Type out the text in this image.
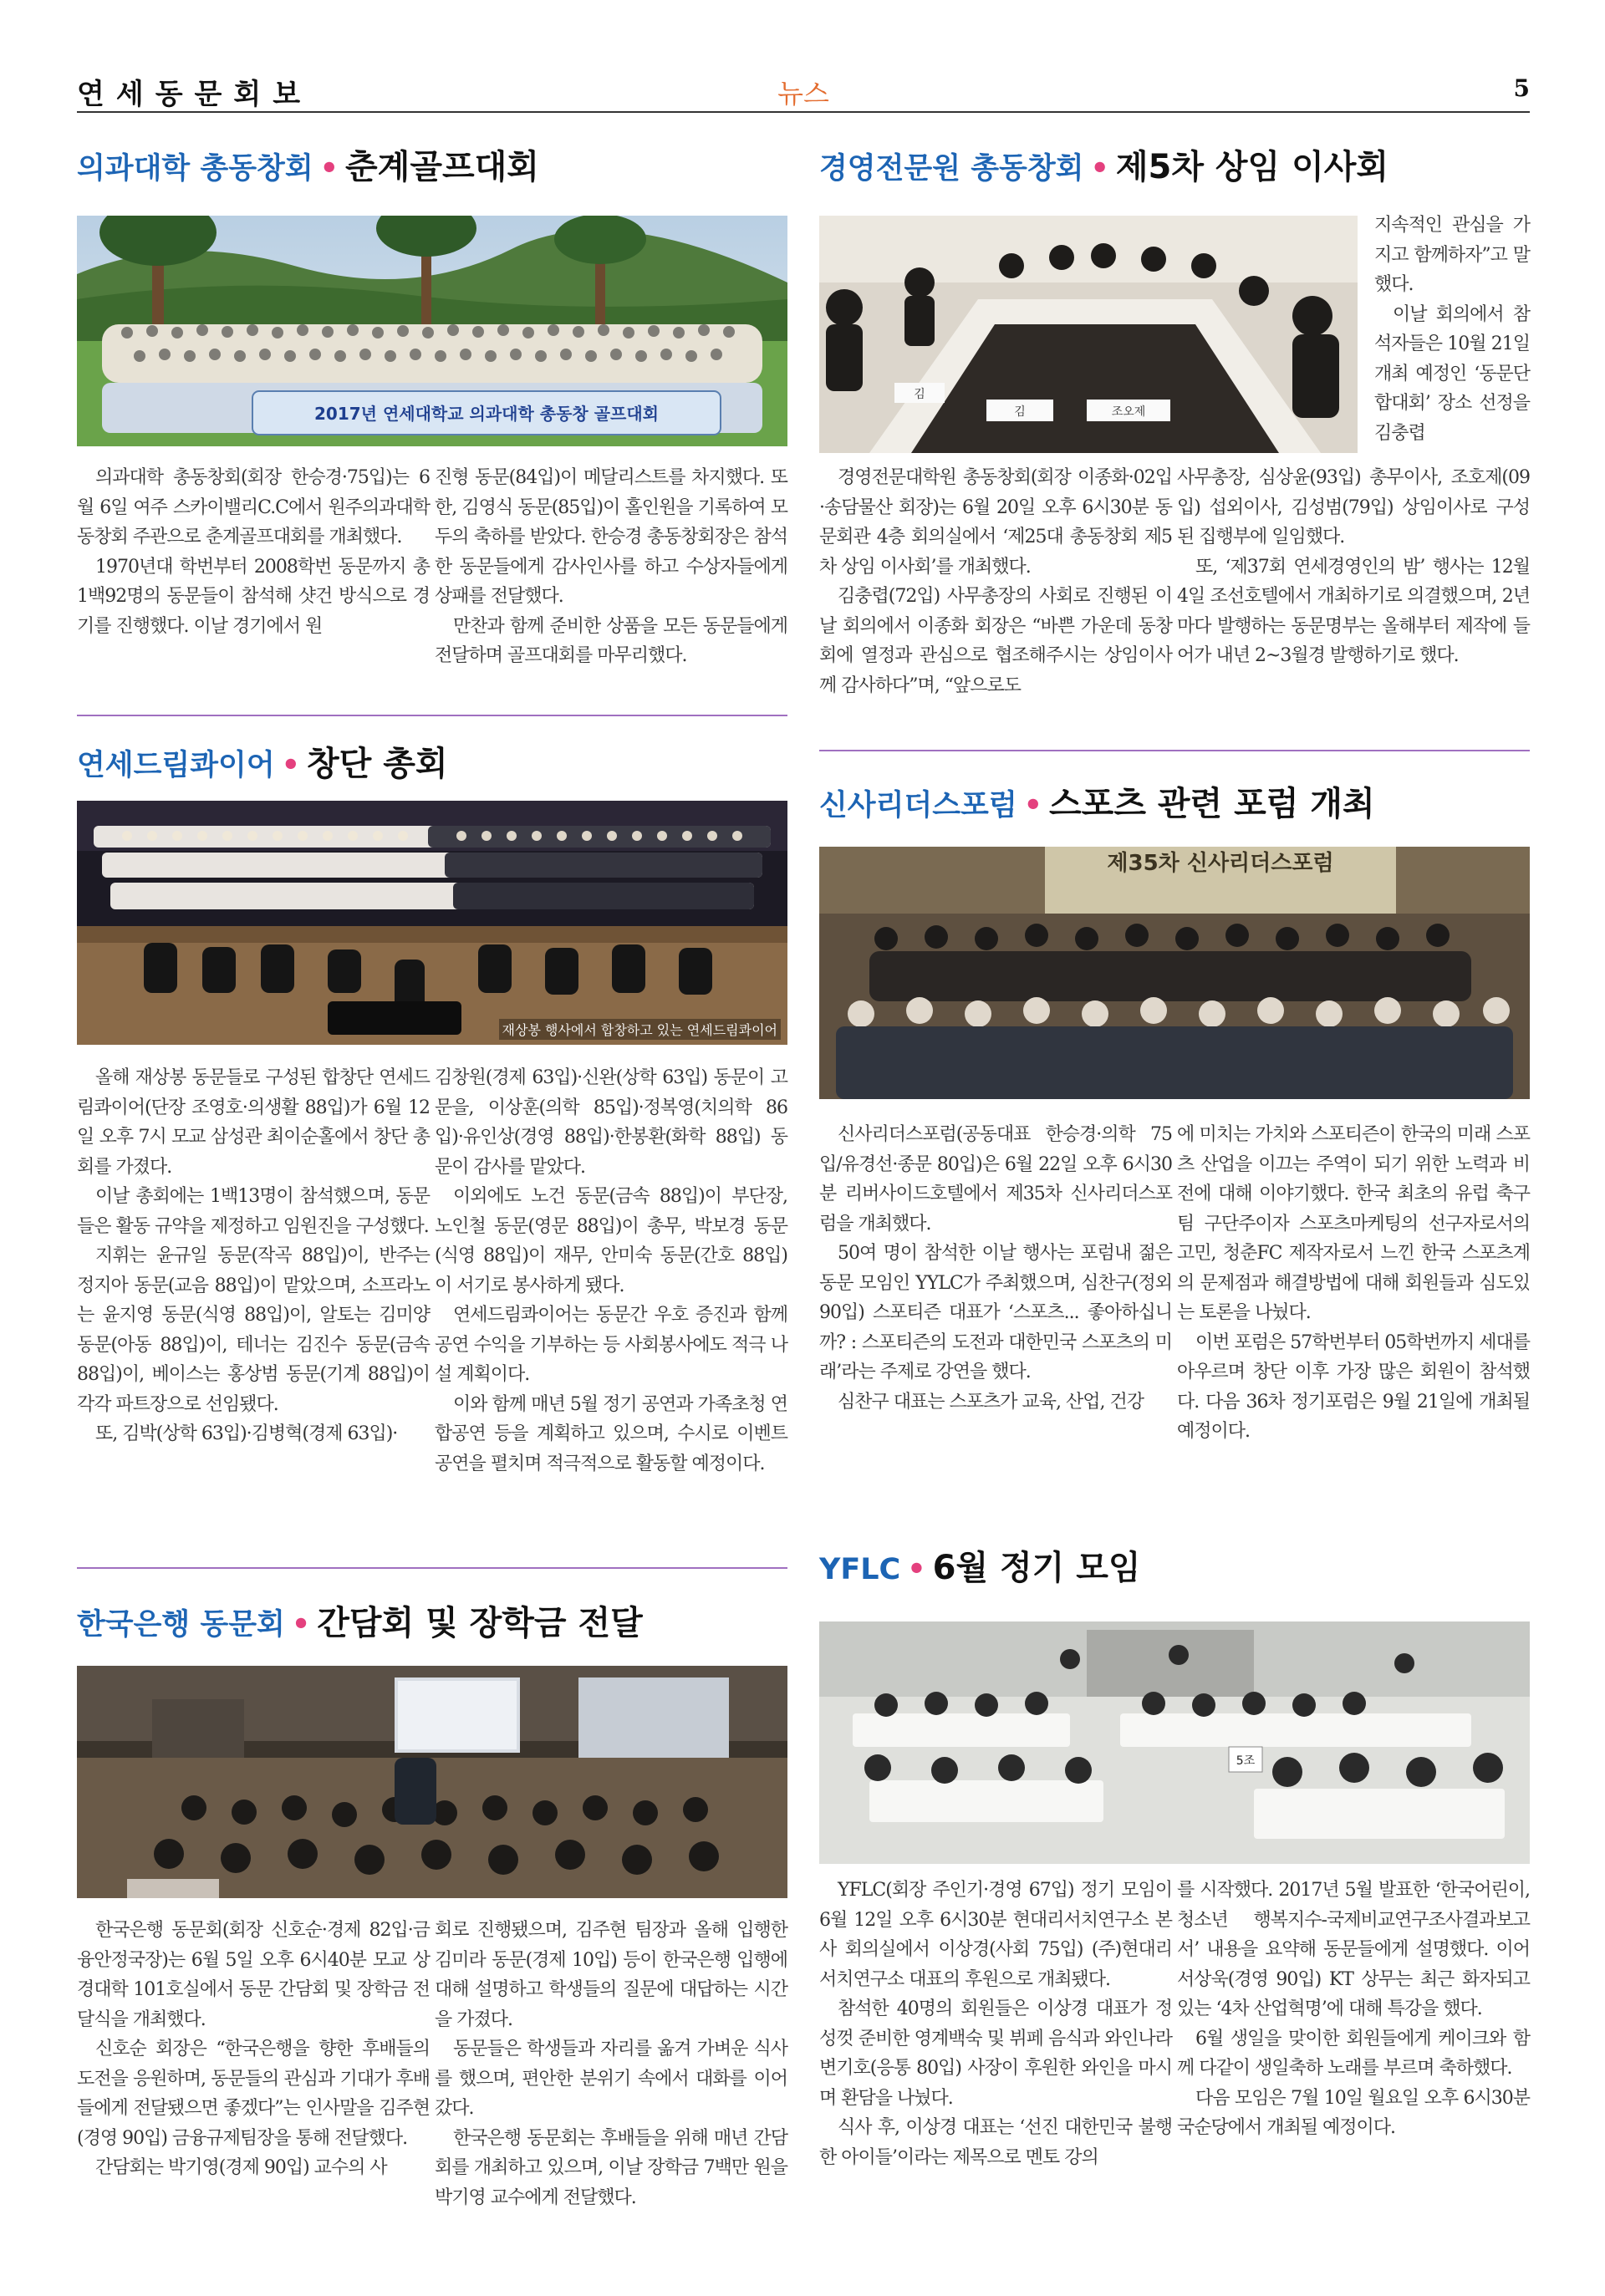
연세동문회보	뉴스	5
의과대학 총동창회 • 춘계골프대회
2017년 연세대학교 의과대학 총동창 골프대회

의과대학 총동창회(회장 한승경·75입)는 6월 6일 여주 스카이밸리C.C에서 원주의과대학 동창회 주관으로 춘계골프대회를 개최했다.

1970년대 학번부터 2008학번 동문까지 총 1백92명의 동문들이 참석해 샷건 방식으로 경기를 진행했다. 이날 경기에서 원

진형 동문(84입)이 메달리스트를 차지했다. 또한, 김영식 동문(85입)이 홀인원을 기록하여 모두의 축하를 받았다. 한승경 총동창회장은 참석한 동문들에게 감사인사를 하고 수상자들에게 상패를 전달했다.

만찬과 함께 준비한 상품을 모든 동문들에게 전달하며 골프대회를 마무리했다.

연세드림콰이어 • 창단 총회
재상봉 행사에서 합창하고 있는 연세드림콰이어

올해 재상봉 동문들로 구성된 합창단 연세드림콰이어(단장 조영호·의생활 88입)가 6월 12일 오후 7시 모교 삼성관 최이순홀에서 창단 총회를 가졌다.

이날 총회에는 1백13명이 참석했으며, 동문들은 활동 규약을 제정하고 임원진을 구성했다.

지휘는 윤규일 동문(작곡 88입)이, 반주는 정지아 동문(교음 88입)이 맡았으며, 소프라노는 윤지영 동문(식영 88입)이, 알토는 김미양 동문(아동 88입)이, 테너는 김진수 동문(금속 88입)이, 베이스는 홍상범 동문(기계 88입)이 각각 파트장으로 선임됐다.

또, 김박(상학 63입)·김병혁(경제 63입)·

김창원(경제 63입)·신완(상학 63입) 동문이 고문을, 이상훈(의학 85입)·정복영(치의학 86입)·유인상(경영 88입)·한봉환(화학 88입) 동문이 감사를 맡았다.

이외에도 노건 동문(금속 88입)이 부단장, 노인철 동문(영문 88입)이 총무, 박보경 동문(식영 88입)이 재무, 안미숙 동문(간호 88입)이 서기로 봉사하게 됐다.

연세드림콰이어는 동문간 우호 증진과 함께 공연 수익을 기부하는 등 사회봉사에도 적극 나설 계획이다.

이와 함께 매년 5월 정기 공연과 가족초청 연합공연 등을 계획하고 있으며, 수시로 이벤트 공연을 펼치며 적극적으로 활동할 예정이다.

한국은행 동문회 • 간담회 및 장학금 전달

한국은행 동문회(회장 신호순·경제 82입·금융안정국장)는 6월 5일 오후 6시40분 모교 상경대학 101호실에서 동문 간담회 및 장학금 전달식을 개최했다.

신호순 회장은 “한국은행을 향한 후배들의 도전을 응원하며, 동문들의 관심과 기대가 후배들에게 전달됐으면 좋겠다”는 인사말을 김주현(경영 90입) 금융규제팀장을 통해 전달했다.

간담회는 박기영(경제 90입) 교수의 사

회로 진행됐으며, 김주현 팀장과 올해 입행한 김미라 동문(경제 10입) 등이 한국은행 입행에 대해 설명하고 학생들의 질문에 대답하는 시간을 가졌다.

동문들은 학생들과 자리를 옮겨 가벼운 식사를 했으며, 편안한 분위기 속에서 대화를 이어갔다.

한국은행 동문회는 후배들을 위해 매년 간담회를 개최하고 있으며, 이날 장학금 7백만 원을 박기영 교수에게 전달했다.

경영전문원 총동창회 • 제5차 상임 이사회
김
조오제
김

지속적인 관심을 가지고 함께하자”고 말했다.

이날 회의에서 참석자들은 10월 21일 개최 예정인 ‘동문단합대회’ 장소 선정을 김충렵

경영전문대학원 총동창회(회장 이종화·02입·송담물산 회장)는 6월 20일 오후 6시30분 동문회관 4층 회의실에서 ‘제25대 총동창회 제5차 상임 이사회’를 개최했다.

김충렵(72입) 사무총장의 사회로 진행된 이날 회의에서 이종화 회장은 “바쁜 가운데 동창회에 열정과 관심으로 협조해주시는 상임이사께 감사하다”며, “앞으로도

사무총장, 심상윤(93입) 총무이사, 조호제(09입) 섭외이사, 김성범(79입) 상임이사로 구성된 집행부에 일임했다.

또, ‘제37회 연세경영인의 밤’ 행사는 12월 4일 조선호텔에서 개최하기로 의결했으며, 2년마다 발행하는 동문명부는 올해부터 제작에 들어가 내년 2~3월경 발행하기로 했다.

신사리더스포럼 • 스포츠 관련 포럼 개최
제35차 신사리더스포럼

신사리더스포럼(공동대표 한승경·의학 75입/유경선·종문 80입)은 6월 22일 오후 6시30분 리버사이드호텔에서 제35차 신사리더스포럼을 개최했다.

50여 명이 참석한 이날 행사는 포럼내 젊은 동문 모임인 YYLC가 주최했으며, 심찬구(정외 90입) 스포티즌 대표가 ‘스포츠... 좋아하십니까? : 스포티즌의 도전과 대한민국 스포츠의 미래’라는 주제로 강연을 했다.

심찬구 대표는 스포츠가 교육, 산업, 건강

에 미치는 가치와 스포티즌이 한국의 미래 스포츠 산업을 이끄는 주역이 되기 위한 노력과 비전에 대해 이야기했다. 한국 최초의 유럽 축구팀 구단주이자 스포츠마케팅의 선구자로서의 고민, 청춘FC 제작자로서 느낀 한국 스포츠계의 문제점과 해결방법에 대해 회원들과 심도있는 토론을 나눴다.

이번 포럼은 57학번부터 05학번까지 세대를 아우르며 창단 이후 가장 많은 회원이 참석했다. 다음 36차 정기포럼은 9월 21일에 개최될 예정이다.

YFLC • 6월 정기 모임
5조

YFLC(회장 주인기·경영 67입) 정기 모임이 6월 12일 오후 6시30분 현대리서치연구소 본사 회의실에서 이상경(사회 75입) (주)현대리서치연구소 대표의 후원으로 개최됐다.

참석한 40명의 회원들은 이상경 대표가 정성껏 준비한 영계백숙 및 뷔페 음식과 와인나라 변기호(응통 80입) 사장이 후원한 와인을 마시며 환담을 나눴다.

식사 후, 이상경 대표는 ‘선진 대한민국 불행한 아이들’이라는 제목으로 멘토 강의

를 시작했다. 2017년 5월 발표한 ‘한국어린이, 청소년 행복지수-국제비교연구조사결과보고서’ 내용을 요약해 동문들에게 설명했다. 이어 서상욱(경영 90입) KT 상무는 최근 화자되고 있는 ‘4차 산업혁명’에 대해 특강을 했다.

6월 생일을 맞이한 회원들에게 케이크와 함께 다같이 생일축하 노래를 부르며 축하했다.

다음 모임은 7월 10일 월요일 오후 6시30분 국순당에서 개최될 예정이다.
